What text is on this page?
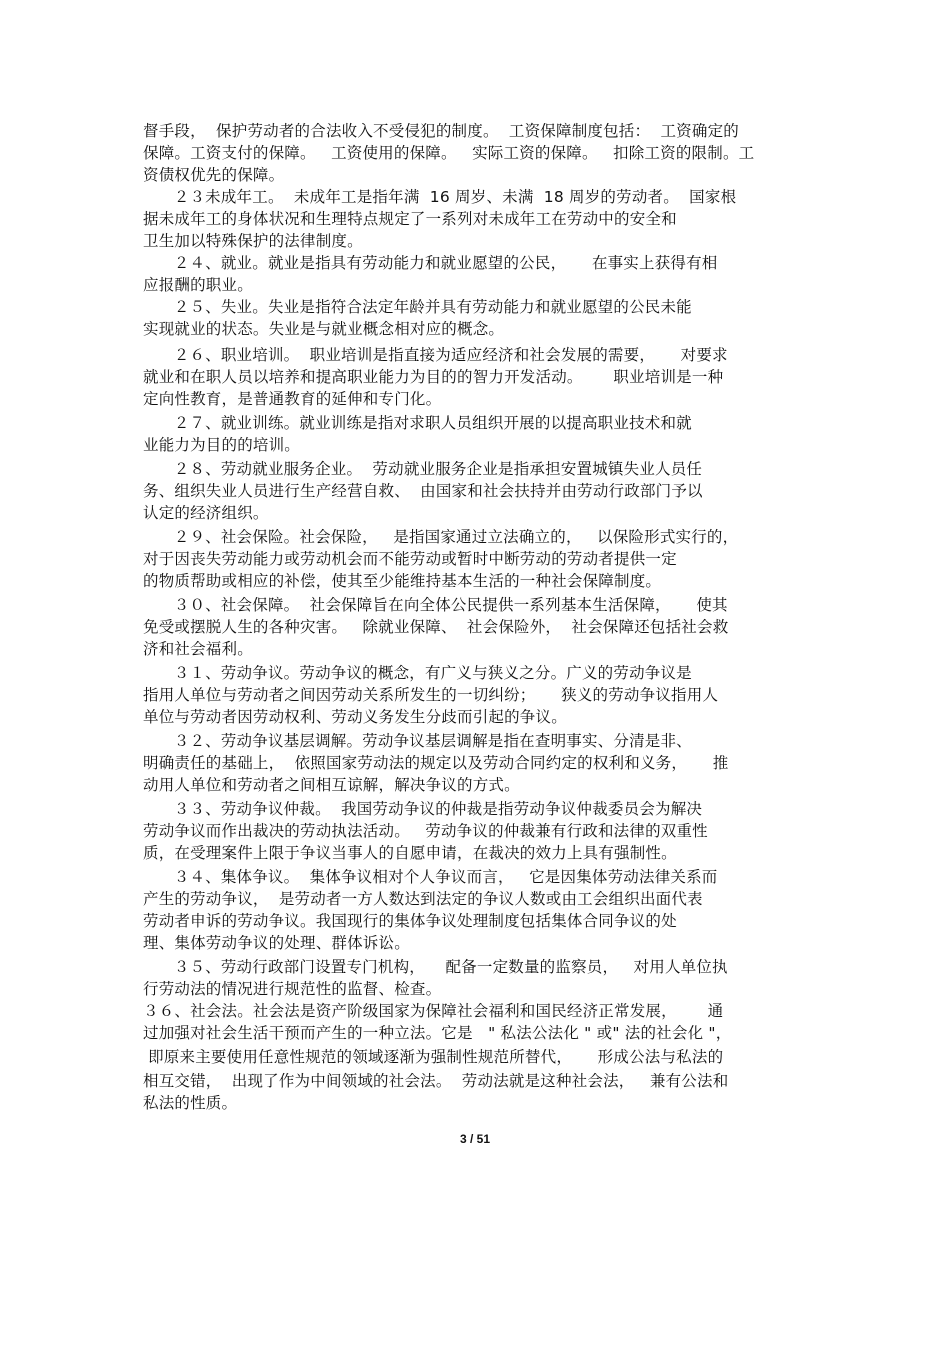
督手段，  保护劳动者的合法收入不受侵犯的制度。  工资保障制度包括：  工资确定的
保障。工资支付的保障。   工资使用的保障。   实际工资的保障。   扣除工资的限制。工
资债权优先的保障。
２３未成年工。  未成年工是指年满  16 周岁、未满  18 周岁的劳动者。  国家根
据未成年工的身体状况和生理特点规定了一系列对未成年工在劳动中的安全和
卫生加以特殊保护的法律制度。
２４、就业。就业是指具有劳动能力和就业愿望的公民，     在事实上获得有相
应报酬的职业。
２５、失业。失业是指符合法定年龄并具有劳动能力和就业愿望的公民未能
实现就业的状态。失业是与就业概念相对应的概念。
２６、职业培训。  职业培训是指直接为适应经济和社会发展的需要，     对要求
就业和在职人员以培养和提高职业能力为目的的智力开发活动。      职业培训是一种
定向性教育，是普通教育的延伸和专门化。
２７、就业训练。就业训练是指对求职人员组织开展的以提高职业技术和就
业能力为目的的培训。
２８、劳动就业服务企业。  劳动就业服务企业是指承担安置城镇失业人员任
务、组织失业人员进行生产经营自救、  由国家和社会扶持并由劳动行政部门予以
认定的经济组织。
２９、社会保险。社会保险，   是指国家通过立法确立的，   以保险形式实行的，
对于因丧失劳动能力或劳动机会而不能劳动或暂时中断劳动的劳动者提供一定
的物质帮助或相应的补偿，使其至少能维持基本生活的一种社会保障制度。
３０、社会保障。  社会保障旨在向全体公民提供一系列基本生活保障，     使其
免受或摆脱人生的各种灾害。   除就业保障、  社会保险外，  社会保障还包括社会救
济和社会福利。
３１、劳动争议。劳动争议的概念，有广义与狭义之分。广义的劳动争议是
指用人单位与劳动者之间因劳动关系所发生的一切纠纷；     狭义的劳动争议指用人
单位与劳动者因劳动权利、劳动义务发生分歧而引起的争议。
３２、劳动争议基层调解。劳动争议基层调解是指在查明事实、分清是非、
明确责任的基础上，  依照国家劳动法的规定以及劳动合同约定的权利和义务，     推
动用人单位和劳动者之间相互谅解，解决争议的方式。
３３、劳动争议仲裁。  我国劳动争议的仲裁是指劳动争议仲裁委员会为解决
劳动争议而作出裁决的劳动执法活动。   劳动争议的仲裁兼有行政和法律的双重性
质，在受理案件上限于争议当事人的自愿申请，在裁决的效力上具有强制性。
３４、集体争议。  集体争议相对个人争议而言，   它是因集体劳动法律关系而
产生的劳动争议，  是劳动者一方人数达到法定的争议人数或由工会组织出面代表
劳动者申诉的劳动争议。我国现行的集体争议处理制度包括集体合同争议的处
理、集体劳动争议的处理、群体诉讼。
３５、劳动行政部门设置专门机构，    配备一定数量的监察员，   对用人单位执
行劳动法的情况进行规范性的监督、检查。
３６、社会法。社会法是资产阶级国家为保障社会福利和国民经济正常发展，      通
过加强对社会生活干预而产生的一种立法。它是   " 私法公法化 " 或" 法的社会化 "，
即原来主要使用任意性规范的领域逐渐为强制性规范所替代，     形成公法与私法的
相互交错，  出现了作为中间领域的社会法。  劳动法就是这种社会法，   兼有公法和
私法的性质。
3 / 51
